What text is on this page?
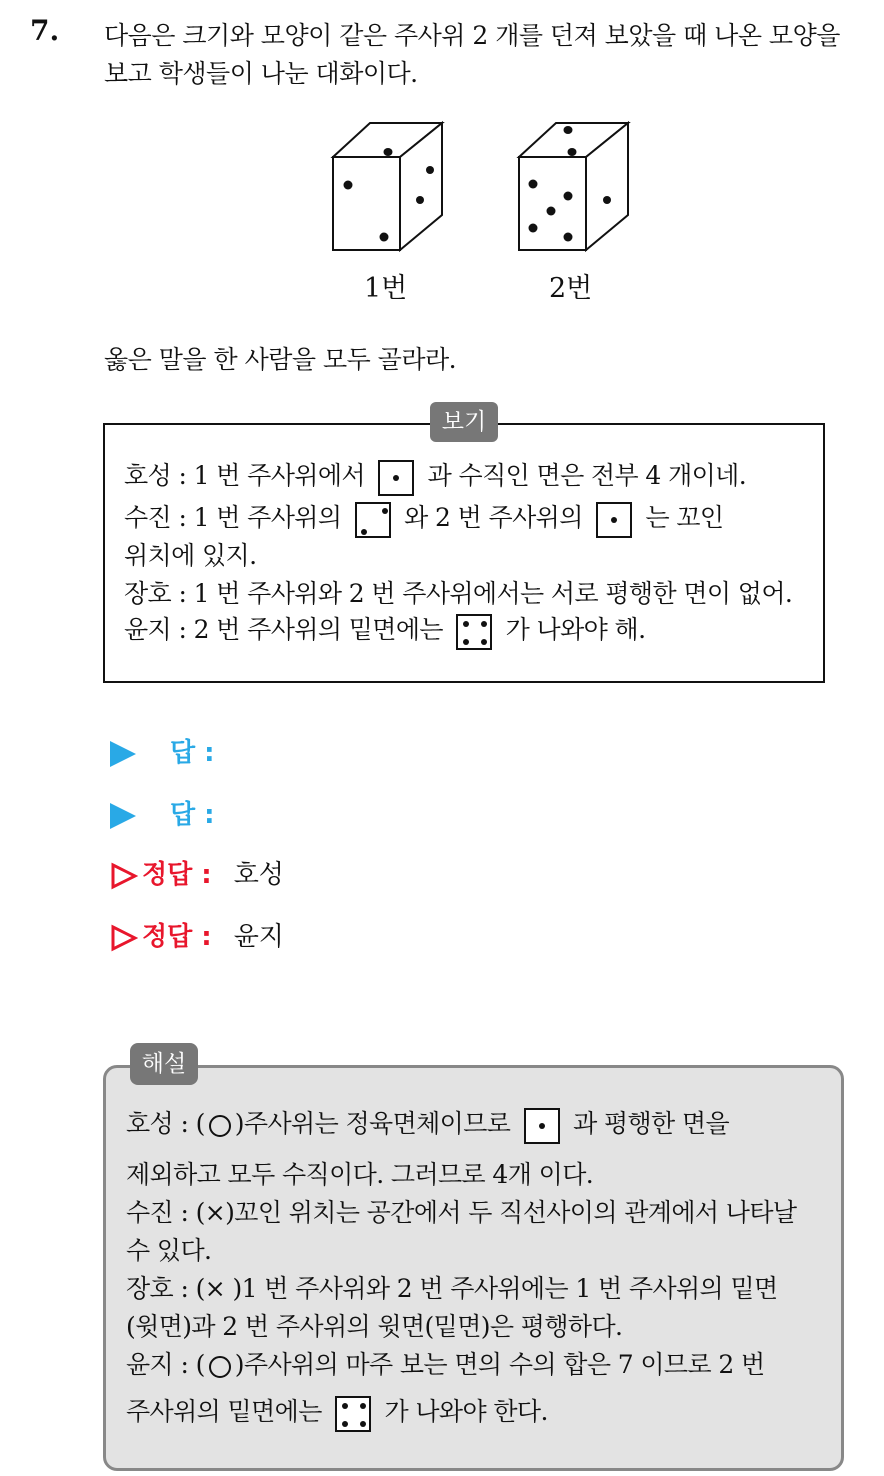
7. 다음은 크기와 모양이 같은 주사위 2 개를 던져 보았을 때 나온 모양을
보고 학생들이 나눈 대화이다.
1번	2번
옳은 말을 한 사람을 모두 골라라.
보기
호성 : 1 번 주사위에서	과 수직인 면은 전부 4 개이네.
수진 : 1 번 주사위의	와 2 번 주사위의	는 꼬인
위치에 있지.
장호 : 1 번 주사위와 2 번 주사위에서는 서로 평행한 면이 없어.
윤지 : 2 번 주사위의 밑면에는	가 나와야 해.
답 :
답 :
정답 : 호성
정답 : 윤지
해설
호성 : ( ○ )주사위는 정육면체이므로	과 평행한 면을
제외하고 모두 수직이다. 그러므로 4개 이다.
수진 : (×)꼬인 위치는 공간에서 두 직선사이의 관계에서 나타날
수 있다.
장호 : (× )1 번 주사위와 2 번 주사위에는 1 번 주사위의 밑면
(윗면)과 2 번 주사위의 윗면(밑면)은 평행하다.
윤지 : ( ○ )주사위의 마주 보는 면의 수의 합은 7 이므로 2 번
주사위의 밑면에는	가 나와야 한다.
